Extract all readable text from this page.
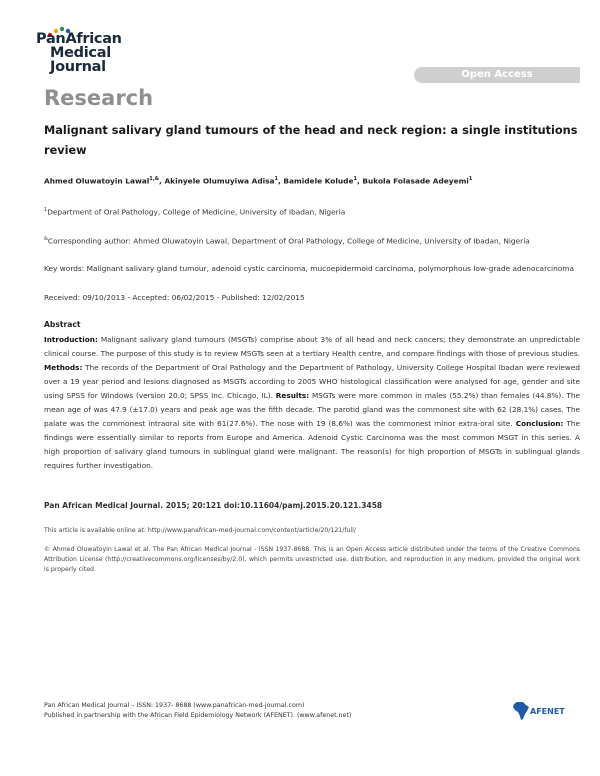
PanAfrican
Medical
Journal	Open Access
Research
Malignant salivary gland tumours of the head and neck region: a single institutions review
Ahmed Oluwatoyin Lawal$^{1,\&}$, Akinyele Olumuyiwa Adisa$^1$, Bamidele Kolude$^1$, Bukola Folasade Adeyemi$^1$
$^1$Department of Oral Pathology, College of Medicine, University of Ibadan, Nigeria
&Corresponding author: Ahmed Oluwatoyin Lawal, Department of Oral Pathology, College of Medicine, University of Ibadan, Nigeria
Key words: Malignant salivary gland tumour, adenoid cystic carcinoma, mucoepidermoid carcinoma, polymorphous low-grade adenocarcinoma
Received: 09/10/2013 - Accepted: 06/02/2015 - Published: 12/02/2015
Abstract
Introduction: Malignant salivary gland tumours (MSGTs) comprise about 3% of all head and neck cancers; they demonstrate an unpredictable clinical course. The purpose of this study is to review MSGTs seen at a tertiary Health centre, and compare findings with those of previous studies. Methods: The records of the Department of Oral Pathology and the Department of Pathology, University College Hospital Ibadan were reviewed over a 19 year period and lesions diagnosed as MSGTs according to 2005 WHO histological classification were analysed for age, gender and site using SPSS for Windows (version 20.0; SPSS Inc. Chicago, IL). Results: MSGTs were more common in males (55.2%) than females (44.8%). The mean age of was 47.9 (±17.0) years and peak age was the fifth decade. The parotid gland was the commonest site with 62 (28.1%) cases. The palate was the commonest intraoral site with 61(27.6%). The nose with 19 (8.6%) was the commonest minor extra-oral site. Conclusion: The findings were essentially similar to reports from Europe and America. Adenoid Cystic Carcinoma was the most common MSGT in this series. A high proportion of salivary gland tumours in sublingual gland were malignant. The reason(s) for high proportion of MSGTs in sublingual glands requires further investigation.
Pan African Medical Journal. 2015; 20:121 doi:10.11604/pamj.2015.20.121.3458
This article is available online at: http://www.panafrican-med-journal.com/content/article/20/121/full/
© Ahmed Oluwatoyin Lawal et al. The Pan African Medical Journal - ISSN 1937-8688. This is an Open Access article distributed under the terms of the Creative Commons Attribution License (http://creativecommons.org/licenses/by/2.0), which permits unrestricted use, distribution, and reproduction in any medium, provided the original work is properly cited.
Pan African Medical Journal – ISSN: 1937- 8688 (www.panafrican-med-journal.com)
Published in partnership with the African Field Epidemiology Network (AFENET). (www.afenet.net)	AFENET
